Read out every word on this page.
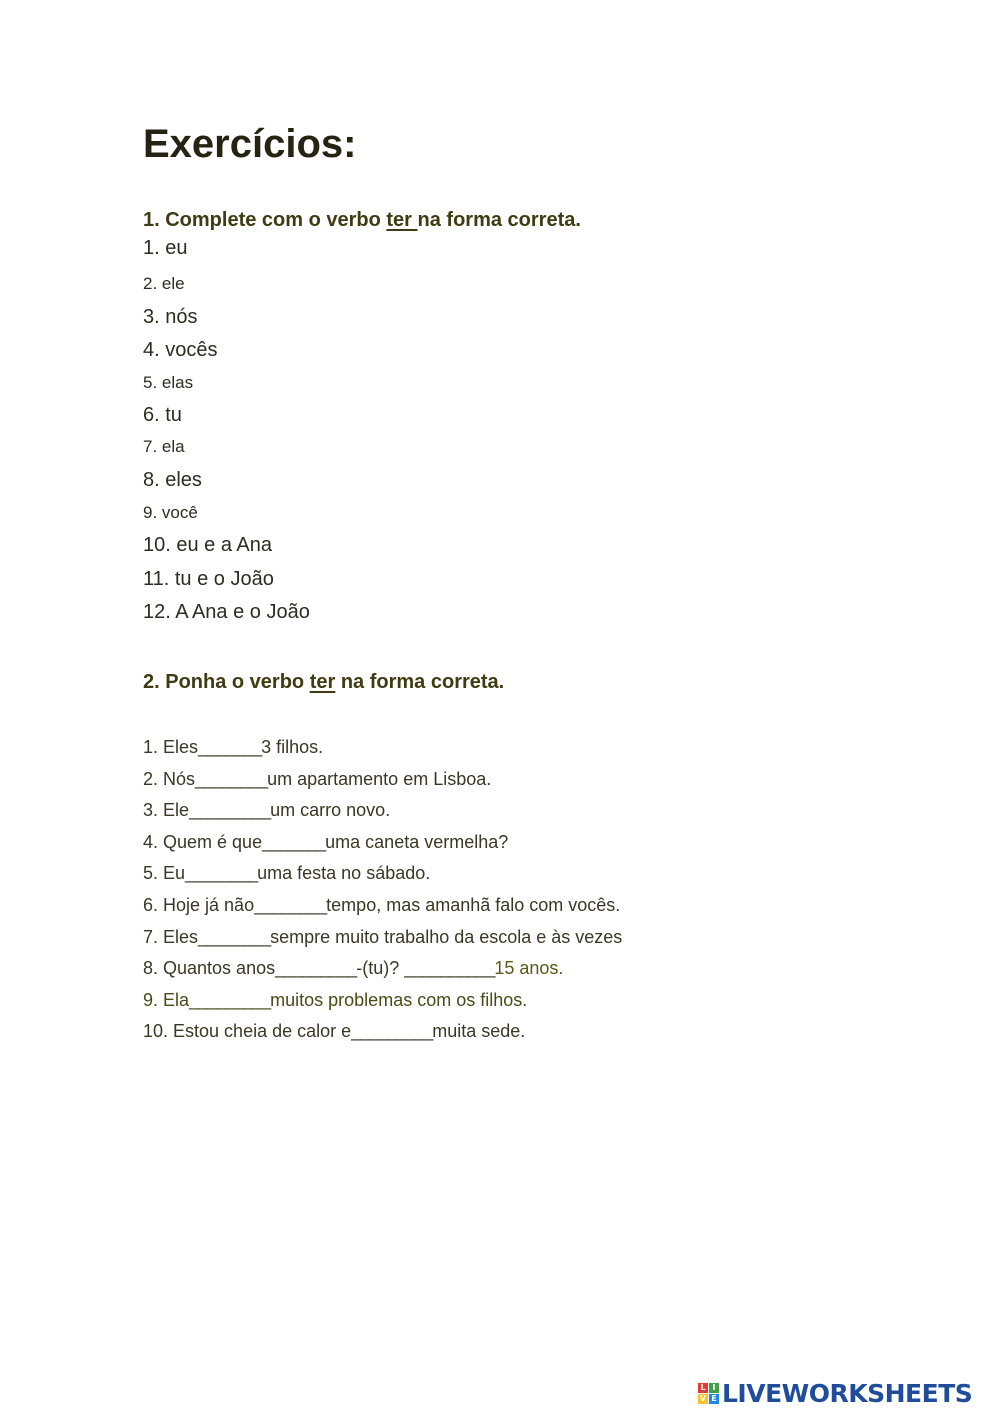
Exercícios:
1. Complete com o verbo ter na forma correta.
1. eu
2. ele
3. nós
4. vocês
5. elas
6. tu
7. ela
8. eles
9. você
10. eu e a Ana
11. tu e o João
12. A Ana e o João
2. Ponha o verbo ter na forma correta.
1. Eles_______3 filhos.
2. Nós________um apartamento em Lisboa.
3. Ele_________um carro novo.
4. Quem é que_______uma caneta vermelha?
5. Eu________uma festa no sábado.
6. Hoje já não________tempo, mas amanhã falo com vocês.
7. Eles________sempre muito trabalho da escola e às vezes
8. Quantos anos_________-(tu)? __________15 anos.
9. Ela_________muitos problemas com os filhos.
10. Estou cheia de calor e_________muita sede.
L I
V E LIVEWORKSHEETS
